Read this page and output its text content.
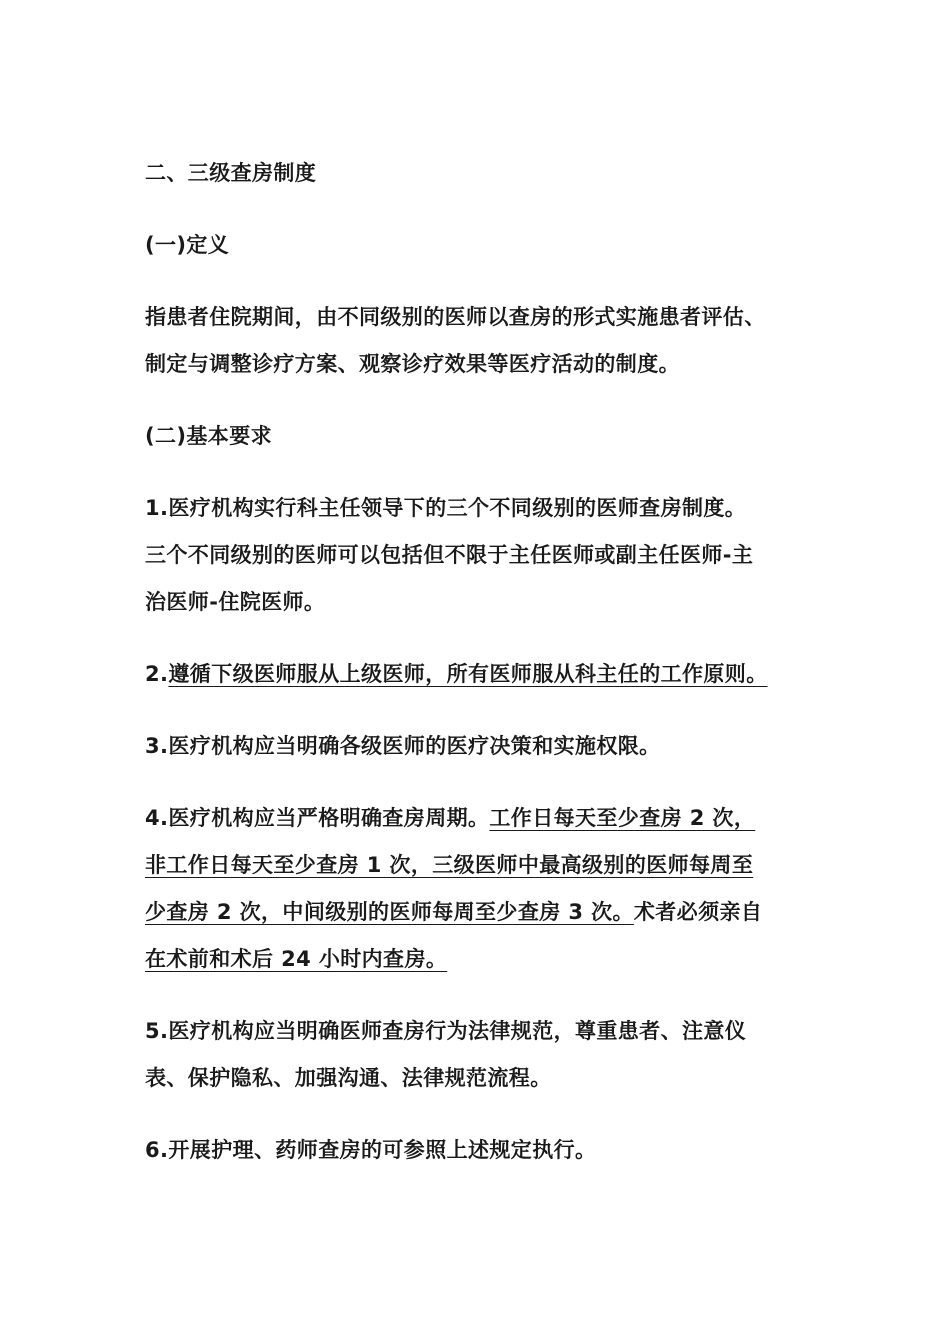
二、三级查房制度
(一)定义
指患者住院期间，由不同级别的医师以查房的形式实施患者评估、
制定与调整诊疗方案、观察诊疗效果等医疗活动的制度。
(二)基本要求
1.医疗机构实行科主任领导下的三个不同级别的医师查房制度。
三个不同级别的医师可以包括但不限于主任医师或副主任医师-主
治医师-住院医师。
2.遵循下级医师服从上级医师，所有医师服从科主任的工作原则。
3.医疗机构应当明确各级医师的医疗决策和实施权限。
4.医疗机构应当严格明确查房周期。工作日每天至少查房 2 次，
非工作日每天至少查房 1 次，三级医师中最高级别的医师每周至
少查房 2 次，中间级别的医师每周至少查房 3 次。术者必须亲自
在术前和术后 24 小时内查房。
5.医疗机构应当明确医师查房行为法律规范，尊重患者、注意仪
表、保护隐私、加强沟通、法律规范流程。
6.开展护理、药师查房的可参照上述规定执行。
